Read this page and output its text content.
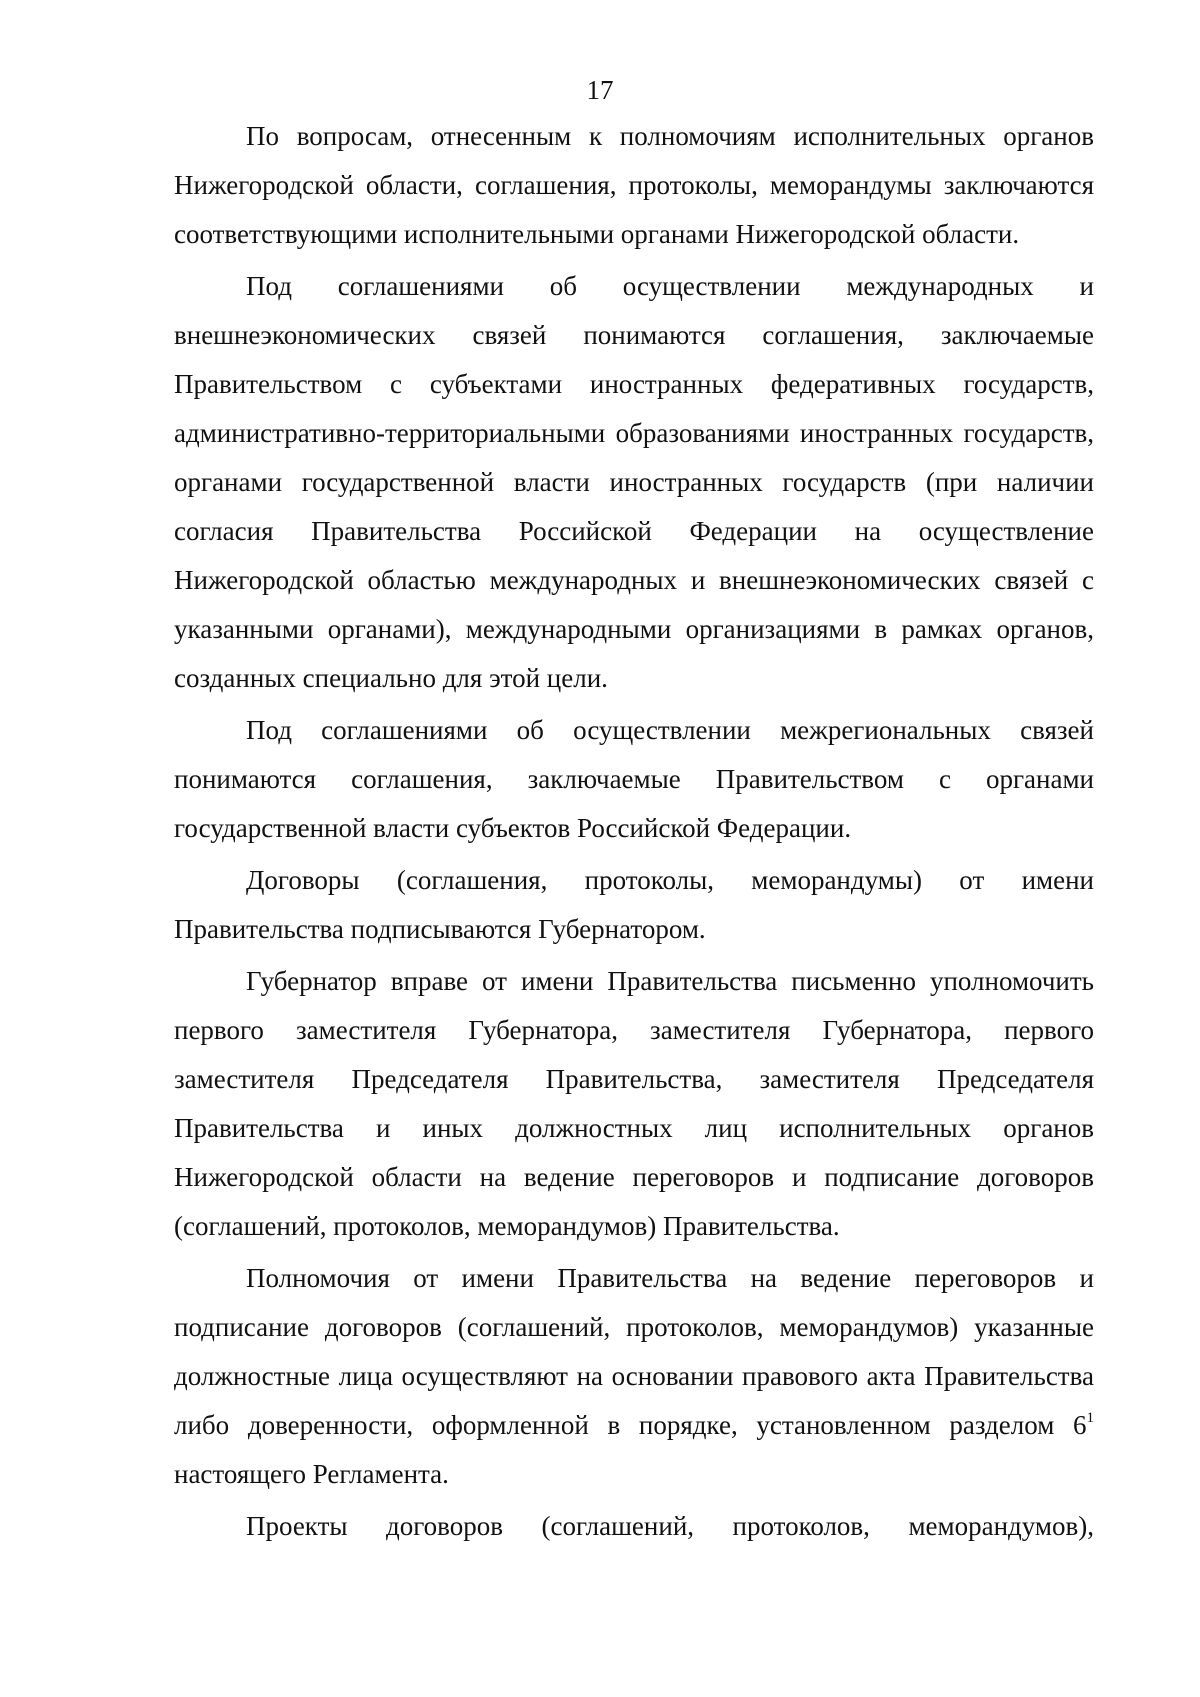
17

По вопросам, отнесенным к полномочиям исполнительных органов Нижегородской области, соглашения, протоколы, меморандумы заключаются соответствующими исполнительными органами Нижегородской области.

Под соглашениями об осуществлении международных и внешнеэкономических связей понимаются соглашения, заключаемые Правительством с субъектами иностранных федеративных государств, административно-территориальными образованиями иностранных государств, органами государственной власти иностранных государств (при наличии согласия Правительства Российской Федерации на осуществление Нижегородской областью международных и внешнеэкономических связей с указанными органами), международными организациями в рамках органов, созданных специально для этой цели.

Под соглашениями об осуществлении межрегиональных связей понимаются соглашения, заключаемые Правительством с органами государственной власти субъектов Российской Федерации.

Договоры (соглашения, протоколы, меморандумы) от имени Правительства подписываются Губернатором.

Губернатор вправе от имени Правительства письменно уполномочить первого заместителя Губернатора, заместителя Губернатора, первого заместителя Председателя Правительства, заместителя Председателя Правительства и иных должностных лиц исполнительных органов Нижегородской области на ведение переговоров и подписание договоров (соглашений, протоколов, меморандумов) Правительства.

Полномочия от имени Правительства на ведение переговоров и подписание договоров (соглашений, протоколов, меморандумов) указанные должностные лица осуществляют на основании правового акта Правительства либо доверенности, оформленной в порядке, установленном разделом $6^1$ настоящего Регламента.

Проекты договоров (соглашений, протоколов, меморандумов),
